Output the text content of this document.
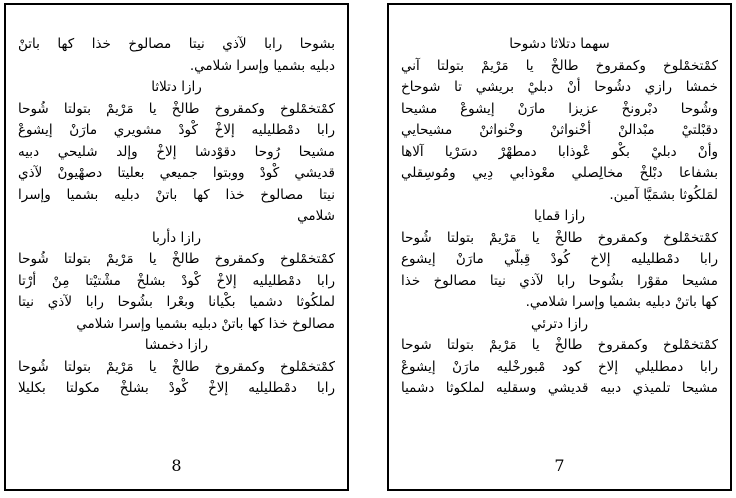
بشوحا رابا لآذي نيتا مصالوخ خذا كها باتنْ
دبليه بشميا وإسرا شلامي.
رازا دتلاثا
كمْتخمْلوخ وكمقروخ طالخْ يا مَرْيمْ بتولتا شُوحا
رابا دمْطليليه إلاخْ كْودْ مشويري مارَنْ إيشوعْ
مشيحا رُوحا دقوْدشا إلاخْ وإلد شليحي دبيه
قديشي كْودْ ووبتوا جميعي بعليتا دصهْيونْ لآذي
نيتا مصالوخ خذا كها باتنْ دبليه بشميا وإسرا
شلامي
رازا دأربا
كمْتخمْلوخ وكمقروخ طالخْ يا مَرْيمْ بتولتا شُوحا
رابا دمْطليليه إلاخْ كْودْ بشلخْ مشْتيْتا مِنْ أرْتا
لملكُوثا دشميا بكْيانا وبعْرا بشُوحا رابا لآذي نيتا
مصالوخ خذا كها باتنْ دبليه بشميا وإسرا شلامي
رازا دخمشا
كمْتخمْلوخ وكمقروخ طالخْ يا مَرْيمْ بتولتا شُوحا
رابا دمْطليليه إلاخْ كْودْ بشلخْ مكولتا بكليلا
8
سهما دتلاثا دشوحا
كمْتخمْلوخ وكمقروخ طالخْ يا مَرْيمْ بتولتا آني
خمشا رازي دشُوحا أنْ دبليْ بريشي تا شوحاخ
وشُوحا دبْرونخْ عزيزا مارَنْ إيشوعْ مشيحا
دقبْلتيْ مبْدالنْ أخْنواثنْ وخْنواثنْ مشيحايي
وأنْ دبليْ بكْو عْوذابا دمطهْرْ دسَرْيا آلاها
بشفاعا دبْلخْ مخالِصلي معْوذابي دِيي ومُوسِقلي
لمَلكُوثا بشمَيَّا آمين.
رازا قمايا
كمْتخمْلوخ وكمقروخ طالخْ يا مَرْيمْ بتولتا شُوحا
رابا دمْطليليه إلاخ كُودْ قِبلّي مارَنْ إيشوع
مشيحا مقوْرا بشُوحا رابا لآذي نيتا مصالوخ خذا
كها باتنْ دبليه بشميا وإسرا شلامي.
رازا دترئي
كمْتخمْلوخ وكمقروخ طالخْ يا مَرْيمْ بتولتا شوحا
رابا دمطليلي إلاخ كود مْبورخْليه مارَنْ إيشوعْ
مشيحا تلميذي دبيه قديشي وسقليه لملكوثا دشميا
7
